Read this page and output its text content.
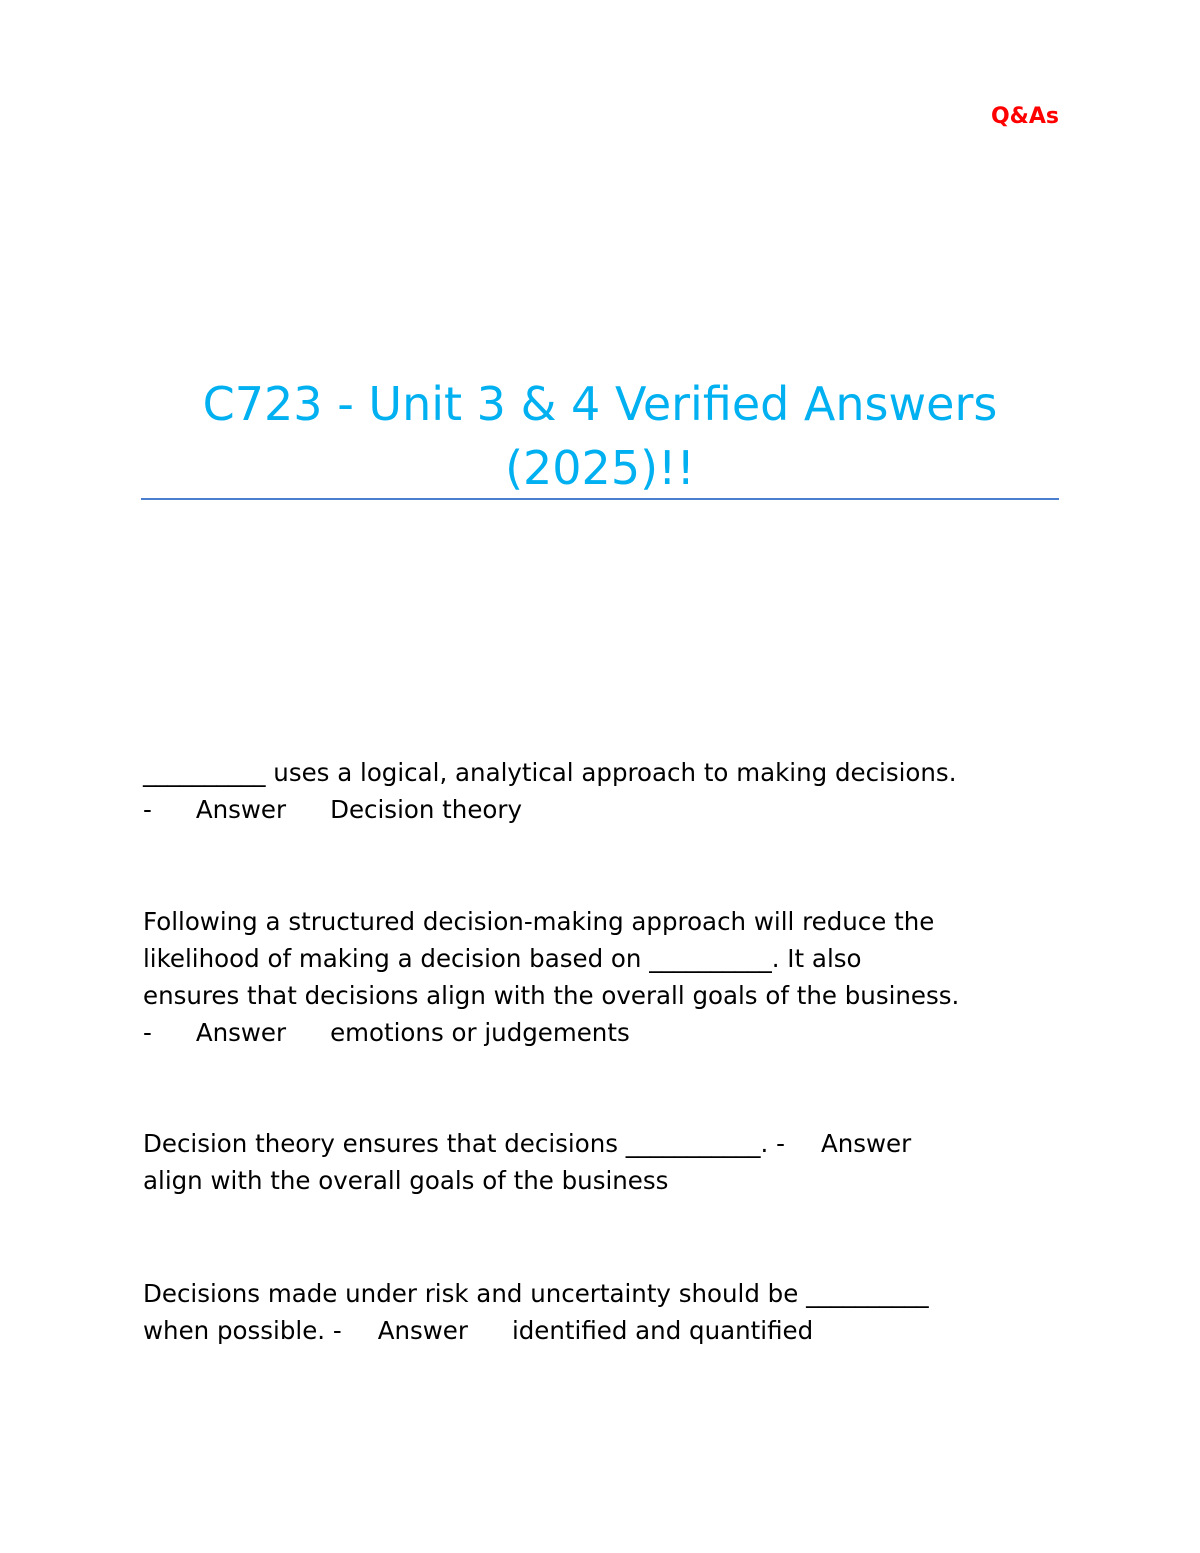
Q&As
C723 - Unit 3 & 4 Verified Answers
(2025)!!
__________ uses a logical, analytical approach to making decisions.
- Answer Decision theory
Following a structured decision-making approach will reduce the
likelihood of making a decision based on __________. It also
ensures that decisions align with the overall goals of the business.
- Answer emotions or judgements
Decision theory ensures that decisions ___________. - Answer
align with the overall goals of the business
Decisions made under risk and uncertainty should be __________
when possible. - Answer identified and quantified
